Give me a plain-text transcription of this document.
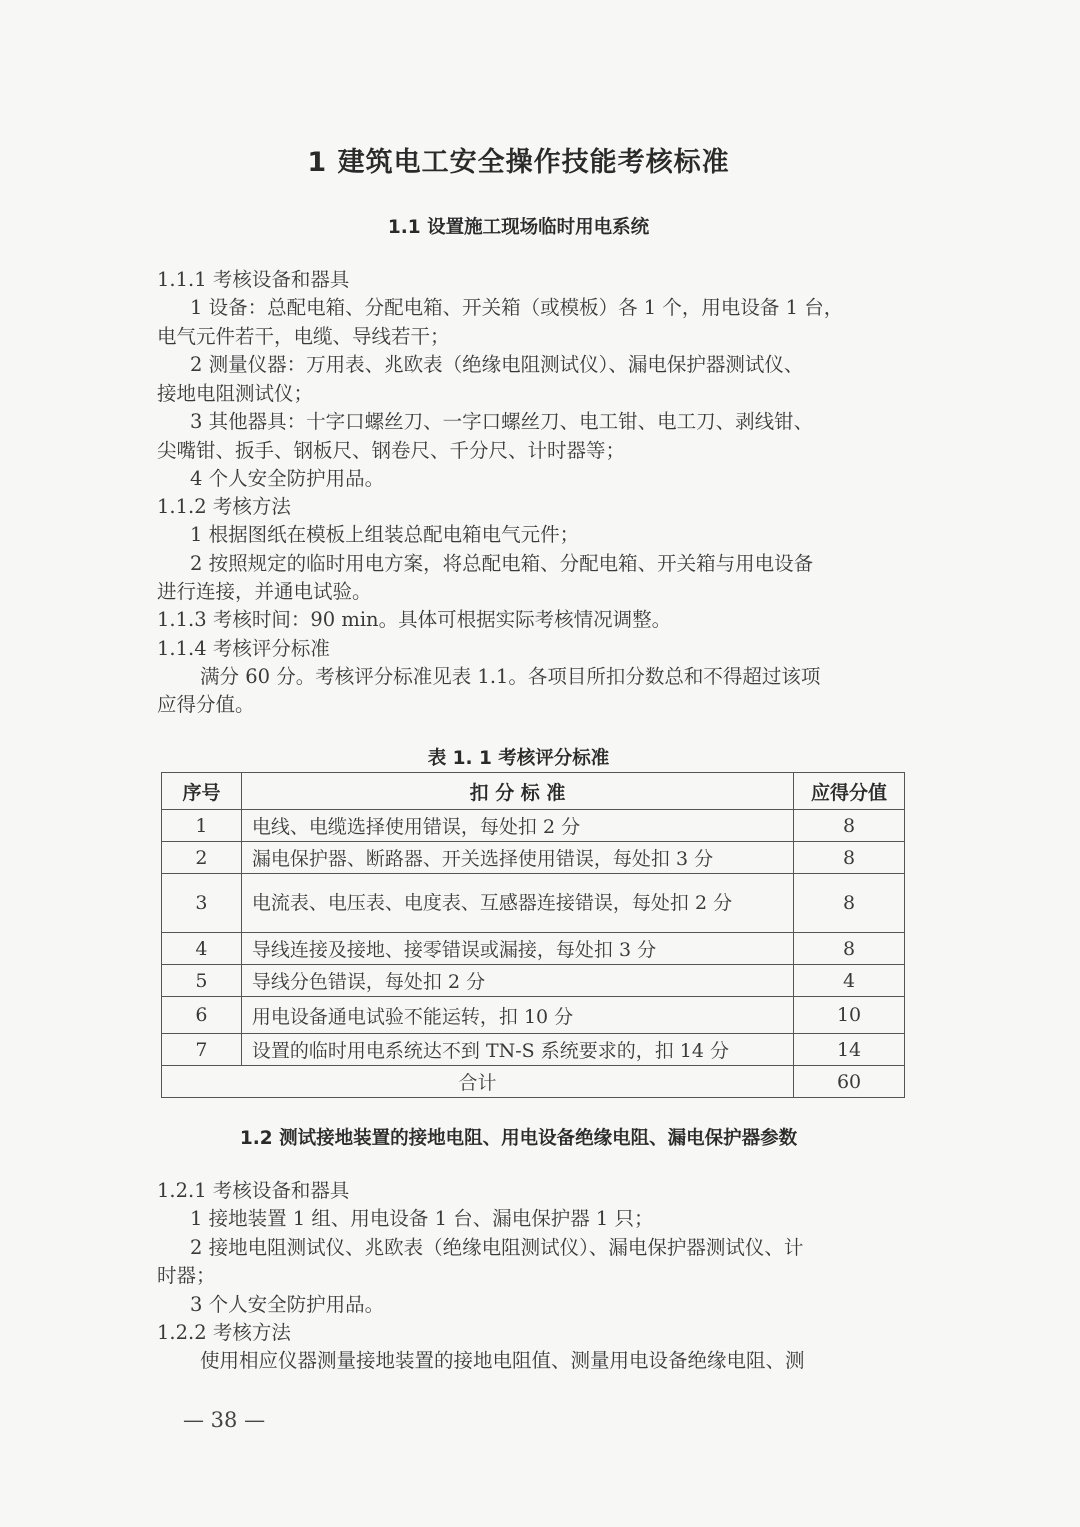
1 建筑电工安全操作技能考核标准
1.1 设置施工现场临时用电系统
1.1.1 考核设备和器具
1 设备：总配电箱、分配电箱、开关箱（或模板）各 1 个，用电设备 1 台，
电气元件若干，电缆、导线若干；
2 测量仪器：万用表、兆欧表（绝缘电阻测试仪）、漏电保护器测试仪、
接地电阻测试仪；
3 其他器具：十字口螺丝刀、一字口螺丝刀、电工钳、电工刀、剥线钳、
尖嘴钳、扳手、钢板尺、钢卷尺、千分尺、计时器等；
4 个人安全防护用品。
1.1.2 考核方法
1 根据图纸在模板上组装总配电箱电气元件；
2 按照规定的临时用电方案，将总配电箱、分配电箱、开关箱与用电设备
进行连接，并通电试验。
1.1.3 考核时间：90 min。具体可根据实际考核情况调整。
1.1.4 考核评分标准
满分 60 分。考核评分标准见表 1.1。各项目所扣分数总和不得超过该项
应得分值。
表 1. 1 考核评分标准
序号	扣 分 标 准	应得分值
1	电线、电缆选择使用错误，每处扣 2 分	8
2	漏电保护器、断路器、开关选择使用错误，每处扣 3 分	8
3	电流表、电压表、电度表、互感器连接错误，每处扣 2 分	8
4	导线连接及接地、接零错误或漏接，每处扣 3 分	8
5	导线分色错误，每处扣 2 分	4
6	用电设备通电试验不能运转，扣 10 分	10
7	设置的临时用电系统达不到 TN-S 系统要求的，扣 14 分	14
合计		60
1.2 测试接地装置的接地电阻、用电设备绝缘电阻、漏电保护器参数
1.2.1 考核设备和器具
1 接地装置 1 组、用电设备 1 台、漏电保护器 1 只；
2 接地电阻测试仪、兆欧表（绝缘电阻测试仪）、漏电保护器测试仪、计
时器；
3 个人安全防护用品。
1.2.2 考核方法
使用相应仪器测量接地装置的接地电阻值、测量用电设备绝缘电阻、测
— 38 —
